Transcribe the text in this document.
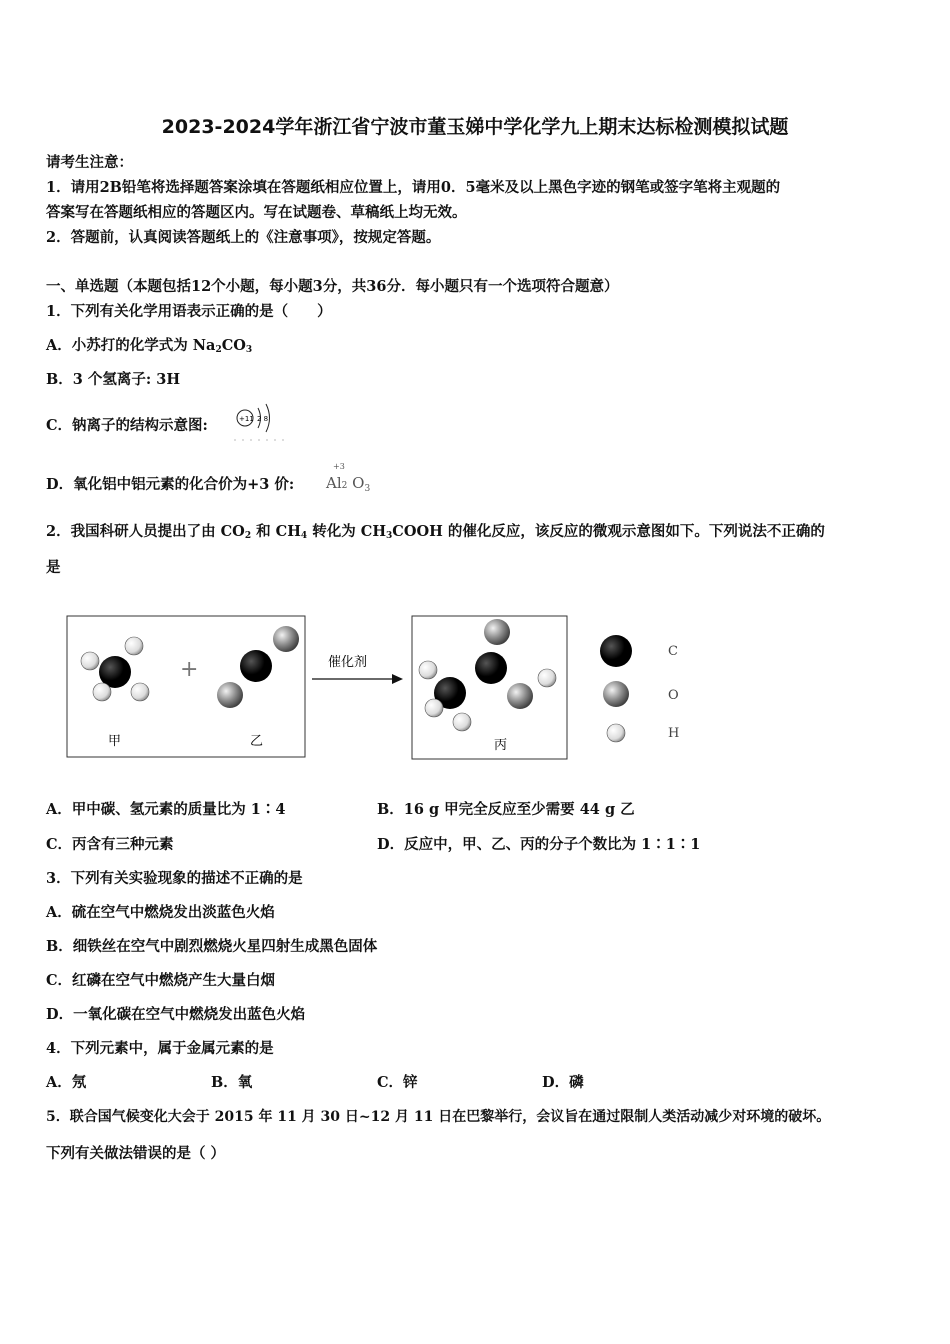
2023-2024学年浙江省宁波市董玉娣中学化学九上期末达标检测模拟试题
请考生注意：
1．请用2B铅笔将选择题答案涂填在答题纸相应位置上，请用0．5毫米及以上黑色字迹的钢笔或签字笔将主观题的
答案写在答题纸相应的答题区内。写在试题卷、草稿纸上均无效。
2．答题前，认真阅读答题纸上的《注意事项》，按规定答题。
一、单选题（本题包括12个小题，每小题3分，共36分．每小题只有一个选项符合题意）
1．下列有关化学用语表示正确的是（　　）
A．小苏打的化学式为 $Na_2CO_3$
B．3 个氢离子: 3H
C．钠离子的结构示意图:	+11 2 8
D．氧化铝中铝元素的化合价为+3 价:
+3
Al2 $O_3$
2．我国科研人员提出了由 $CO_2$ 和 $CH_4$ 转化为 $CH_3COOH$ 的催化反应，该反应的微观示意图如下。下列说法不正确的
是
+
甲	乙
催化剂
丙
C
O
H
A．甲中碳、氢元素的质量比为 1∶4	B．16 g 甲完全反应至少需要 44 g 乙
C．丙含有三种元素	D．反应中，甲、乙、丙的分子个数比为 1∶1∶1
3．下列有关实验现象的描述不正确的是
A．硫在空气中燃烧发出淡蓝色火焰
B．细铁丝在空气中剧烈燃烧火星四射生成黑色固体
C．红磷在空气中燃烧产生大量白烟
D．一氧化碳在空气中燃烧发出蓝色火焰
4．下列元素中，属于金属元素的是
A．氖	B．氧	C．锌	D．磷
5．联合国气候变化大会于 2015 年 11 月 30 日~12 月 11 日在巴黎举行，会议旨在通过限制人类活动减少对环境的破坏。
下列有关做法错误的是（ ）
